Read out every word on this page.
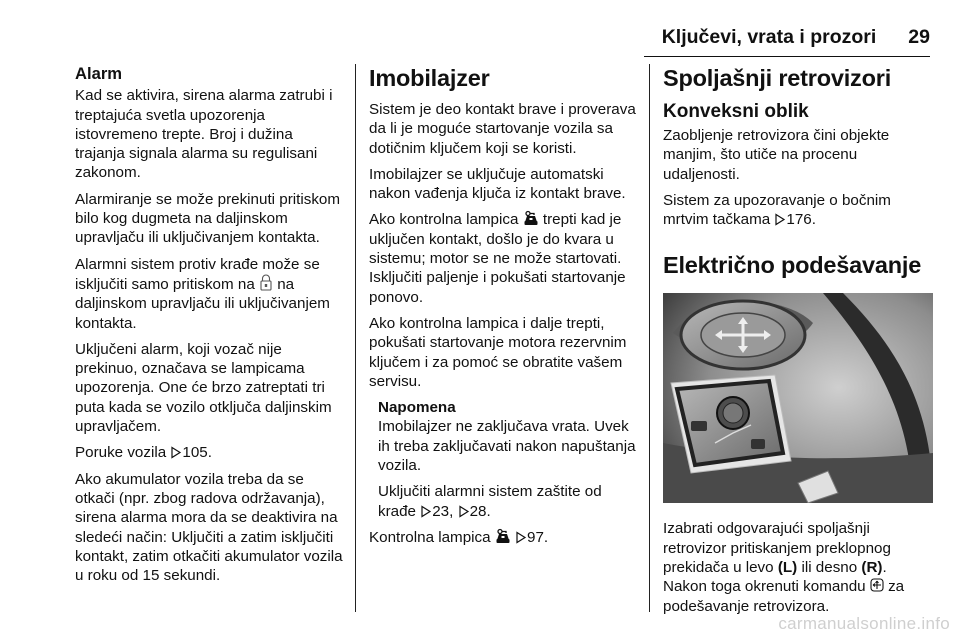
Ključevi, vrata i prozori 29
Alarm

Kad se aktivira, sirena alarma zatrubi i treptajuća svetla upozorenja istovremeno trepte. Broj i dužina trajanja signala alarma su regulisani zakonom.

Alarmiranje se može prekinuti pritiskom bilo kog dugmeta na daljinskom upravljaču ili uključivanjem kontakta.

Alarmni sistem protiv krađe može se isključiti samo pritiskom na  na daljinskom upravljaču ili uključivanjem kontakta.

Uključeni alarm, koji vozač nije prekinuo, označava se lampicama upozorenja. One će brzo zatreptati tri puta kada se vozilo otključa daljinskim upravljačem.

Poruke vozila 105.

Ako akumulator vozila treba da se otkači (npr. zbog radova održavanja), sirena alarma mora da se deaktivira na sledeći način: Uključiti a zatim isključiti kontakt, zatim otkačiti akumulator vozila u roku od 15 sekundi.

Imobilajzer

Sistem je deo kontakt brave i proverava da li je moguće startovanje vozila sa dotičnim ključem koji se koristi.

Imobilajzer se uključuje automatski nakon vađenja ključa iz kontakt brave.

Ako kontrolna lampica  trepti kad je uključen kontakt, došlo je do kvara u sistemu; motor se ne može startovati. Isključiti paljenje i pokušati startovanje ponovo.

Ako kontrolna lampica i dalje trepti, pokušati startovanje motora rezervnim ključem i za pomoć se obratite vašem servisu.

Napomena

Imobilajzer ne zaključava vrata. Uvek ih treba zaključavati nakon napuštanja vozila.

Uključiti alarmni sistem zaštite od krađe 23, 28.

Kontrolna lampica  97.

Spoljašnji retrovizori
Konveksni oblik

Zaobljenje retrovizora čini objekte manjim, što utiče na procenu udaljenosti.

Sistem za upozoravanje o bočnim mrtvim tačkama 176.

Električno podešavanje

Izabrati odgovarajući spoljašnji retrovizor pritiskanjem preklopnog prekidača u levo (L) ili desno (R). Nakon toga okrenuti komandu  za podešavanje retrovizora.

carmanualsonline.info
